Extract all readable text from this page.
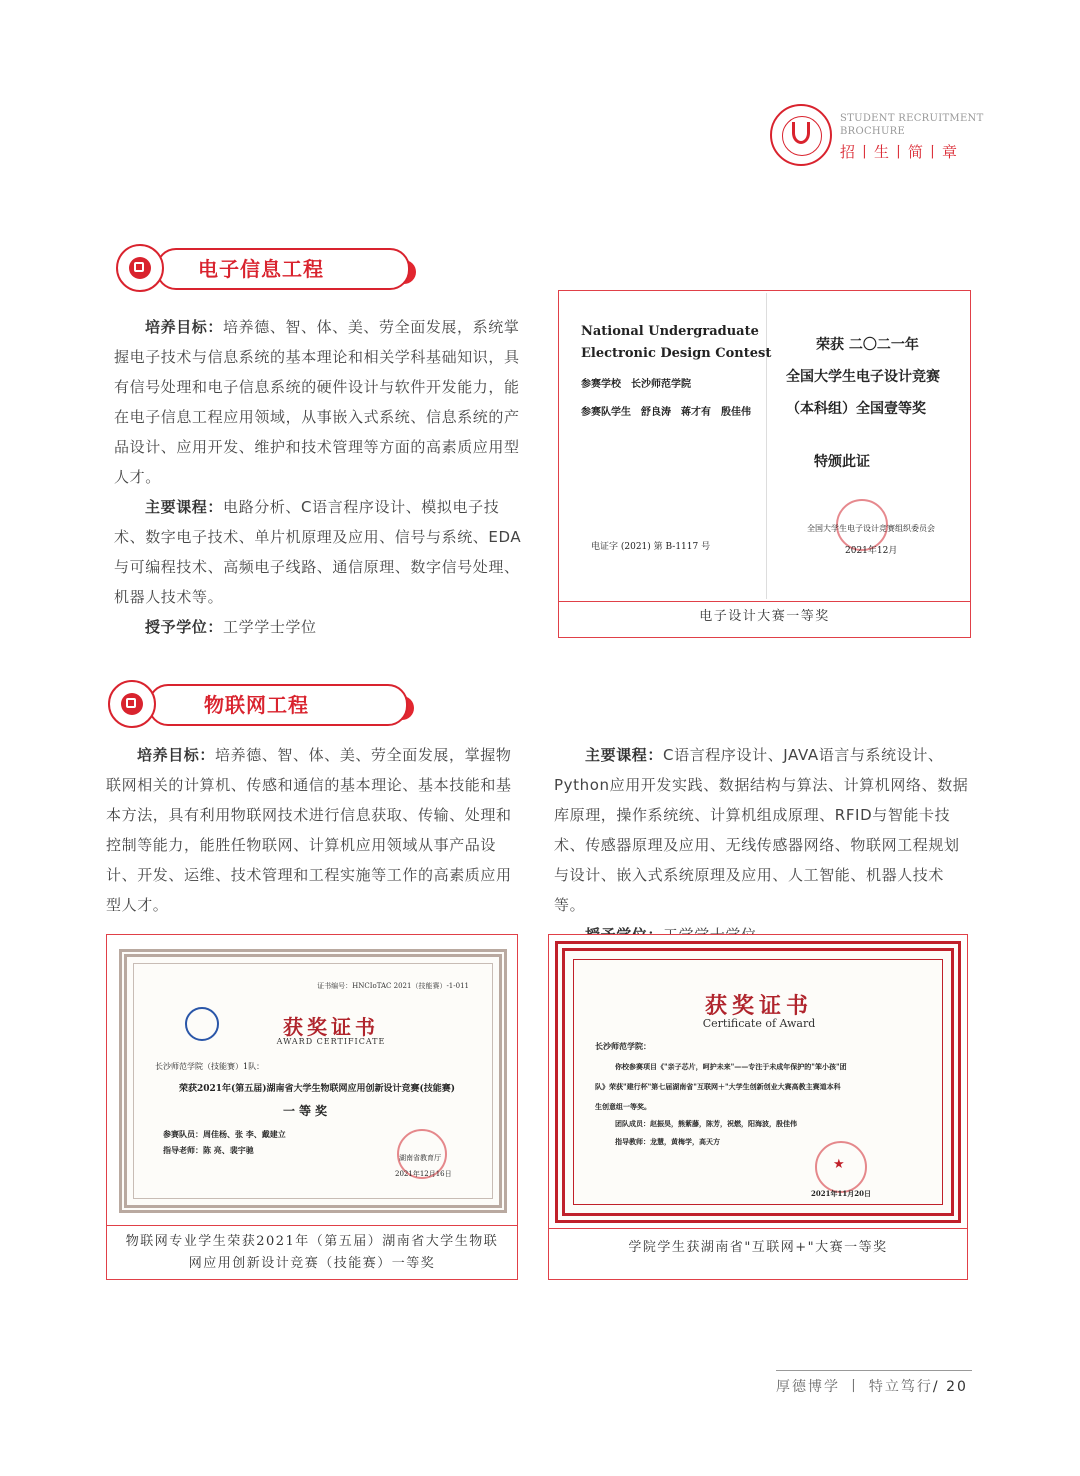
STUDENT RECRUITMENT
BROCHURE
招丨生丨简丨章
电子信息工程
培养目标：培养德、智、体、美、劳全面发展，系统掌握电子技术与信息系统的基本理论和相关学科基础知识，具有信号处理和电子信息系统的硬件设计与软件开发能力，能在电子信息工程应用领域，从事嵌入式系统、信息系统的产品设计、应用开发、维护和技术管理等方面的高素质应用型人才。
主要课程：电路分析、C语言程序设计、模拟电子技术、数字电子技术、单片机原理及应用、信号与系统、EDA与可编程技术、高频电子线路、通信原理、数字信号处理、机器人技术等。
授予学位：工学学士学位
National Undergraduate
Electronic Design Contest
参赛学校　长沙师范学院
参赛队学生　舒良涛　蒋才有　殷佳伟
电证字 (2021) 第 B-1117 号
荣获 二〇二一年
全国大学生电子设计竞赛
（本科组）全国壹等奖
特颁此证
全国大学生电子设计竞赛组织委员会
2021年12月
电子设计大赛一等奖
物联网工程
培养目标：培养德、智、体、美、劳全面发展，掌握物联网相关的计算机、传感和通信的基本理论、基本技能和基本方法，具有利用物联网技术进行信息获取、传输、处理和控制等能力，能胜任物联网、计算机应用领域从事产品设计、开发、运维、技术管理和工程实施等工作的高素质应用型人才。
主要课程：C语言程序设计、JAVA语言与系统设计、Python应用开发实践、数据结构与算法、计算机网络、数据库原理，操作系统统、计算机组成原理、RFID与智能卡技术、传感器原理及应用、无线传感器网络、物联网工程规划与设计、嵌入式系统原理及应用、人工智能、机器人技术等。
证书编号：HNCIoTAC 2021（技能赛）-1-011
获奖证书
AWARD CERTIFICATE
长沙师范学院（技能赛）1队：
荣获2021年(第五届)湖南省大学生物联网应用创新设计竞赛(技能赛)
一等奖
参赛队员：周佳杨、张 李、戴建立
指导老师：陈 亮、裴宇驰
湖南省教育厅
2021年12月16日
物联网专业学生荣获2021年（第五届）湖南省大学生物联
网应用创新设计竞赛（技能赛）一等奖
获奖证书
Certificate of Award
长沙师范学院：
你校参赛项目《"亲子芯片，呵护未来"——专注于未成年保护的"笨小孩"团
队》荣获"建行杯"第七届湖南省"互联网＋"大学生创新创业大赛高教主赛道本科
生创意组一等奖。
团队成员：赵振昊，熊紫藤，陈芳，祝燃，阳海波，殷佳伟
指导教师：龙慧，黄梅学，高天方
★
2021年11月20日
学院学生获湖南省"互联网+"大赛一等奖
厚德博学 丨 特立笃行/ 20
